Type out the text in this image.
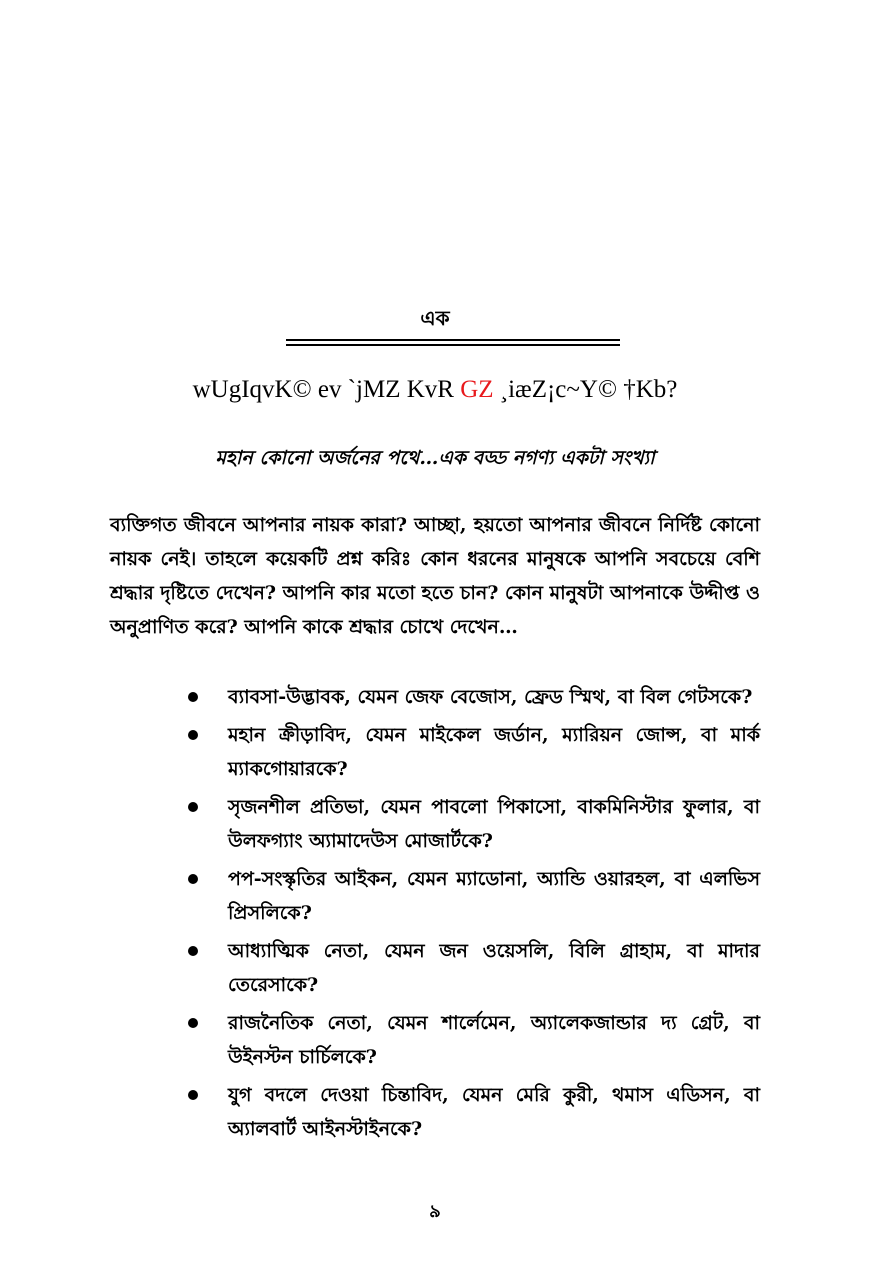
এক
wUgIqvK© ev `jMZ KvR GZ ¸iæZ¡c~Y© †Kb?
মহান কোনো অর্জনের পথে…এক বড্ড নগণ্য একটা সংখ্যা

ব্যক্তিগত জীবনে আপনার নায়ক কারা? আচ্ছা, হয়তো আপনার জীবনে নির্দিষ্ট কোনো নায়ক নেই। তাহলে কয়েকটি প্রশ্ন করিঃ কোন ধরনের মানুষকে আপনি সবচেয়ে বেশি শ্রদ্ধার দৃষ্টিতে দেখেন? আপনি কার মতো হতে চান? কোন মানুষটা আপনাকে উদ্দীপ্ত ও অনুপ্রাণিত করে? আপনি কাকে শ্রদ্ধার চোখে দেখেন…

ব্যাবসা-উদ্ভাবক, যেমন জেফ বেজোস, ফ্রেড স্মিথ, বা বিল গেটসকে?
মহান ক্রীড়াবিদ, যেমন মাইকেল জর্ডান, ম্যারিয়ন জোন্স, বা মার্ক ম্যাকগোয়ারকে?
সৃজনশীল প্রতিভা, যেমন পাবলো পিকাসো, বাকমিনিস্টার ফুলার, বা উলফগ্যাং অ্যামাদেউস মোজার্টকে?
পপ-সংস্কৃতির আইকন, যেমন ম্যাডোনা, অ্যান্ডি ওয়ারহল, বা এলভিস প্রিসলিকে?
আধ্যাত্মিক নেতা, যেমন জন ওয়েসলি, বিলি গ্রাহাম, বা মাদার তেরেসাকে?
রাজনৈতিক নেতা, যেমন শার্লেমেন, অ্যালেকজান্ডার দ্য গ্রেট, বা উইনস্টন চার্চিলকে?
যুগ বদলে দেওয়া চিন্তাবিদ, যেমন মেরি কুরী, থমাস এডিসন, বা অ্যালবার্ট আইনস্টাইনকে?
৯
